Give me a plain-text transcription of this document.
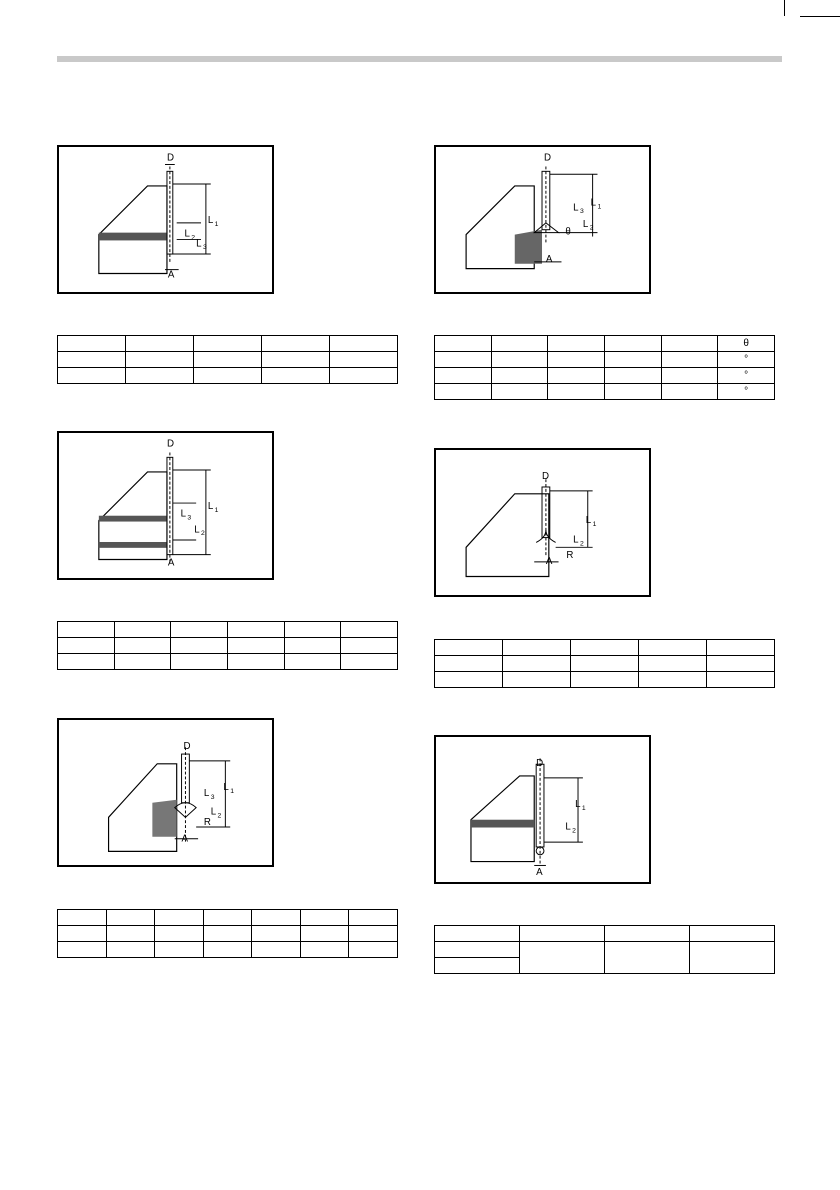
D
L 1
L 2
L 3
A

D
L 1
L 3
L 2
θ
A
					θ
					°
					°
					°
D
L 1
L 3
L 2
A

D
L 1
L 2
R
A

D
L 1
L 3
L 2
R
A

D
L 1
L 2
A
